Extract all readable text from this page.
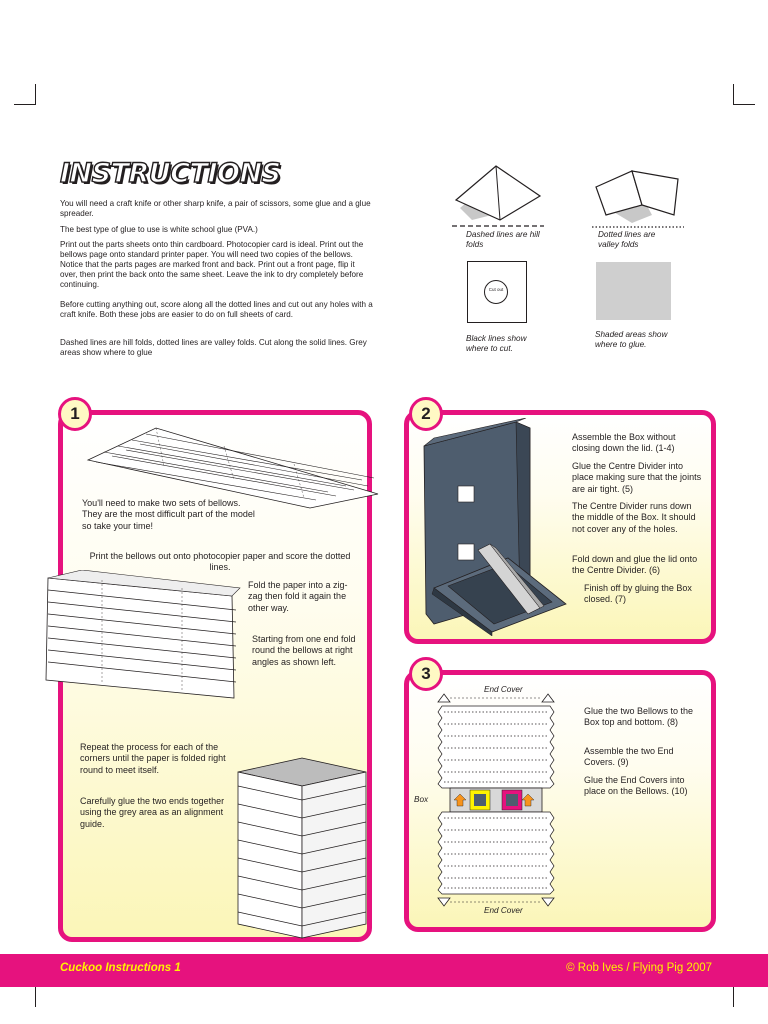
INSTRUCTIONS
You will need a craft knife or other sharp knife, a pair of scissors, some glue and a glue spreader.
The best type of glue to use is white school glue (PVA.)
Print out the parts sheets onto thin cardboard. Photocopier card is ideal. Print out the bellows page onto standard printer paper. You will need two copies of the bellows. Notice that the parts pages are marked front and back. Print out a front page, flip it over, then print the back onto the same sheet. Leave the ink to dry completely before continuing.
Before cutting anything out, score along all the dotted lines and cut out any holes with a craft knife. Both these jobs are easier to do on full sheets of card.
Dashed lines are hill folds, dotted lines are valley folds. Cut along the solid lines. Grey areas show where to glue
Dashed lines are hill folds
Dotted lines are valley folds
Cut out
Black lines show where to cut.
Shaded areas show where to glue.
1
You'll need to make two sets of bellows. They are the most difficult part of the model so take your time!
Print the bellows out onto photocopier paper and score the dotted lines.
Fold the paper into a zig-zag then fold it again the other way.
Starting from one end fold round the bellows at right angles as shown left.
Repeat the process for each of the corners until the paper is folded right round to meet itself.
Carefully glue the two ends together using the grey area as an alignment guide.
2
Assemble the Box without closing down the lid. (1-4)
Glue the Centre Divider into place making sure that the joints are air tight. (5)
The Centre Divider runs down the middle of the Box. It should not cover any of the holes.
Fold down and glue the lid onto the Centre Divider. (6)
Finish off by gluing the Box closed. (7)
3
End Cover
End Cover
Box
Glue the two Bellows to the Box top and bottom. (8)
Assemble the two End Covers. (9)
Glue the End Covers into place on the Bellows. (10)
Cuckoo Instructions 1	© Rob Ives / Flying Pig 2007
